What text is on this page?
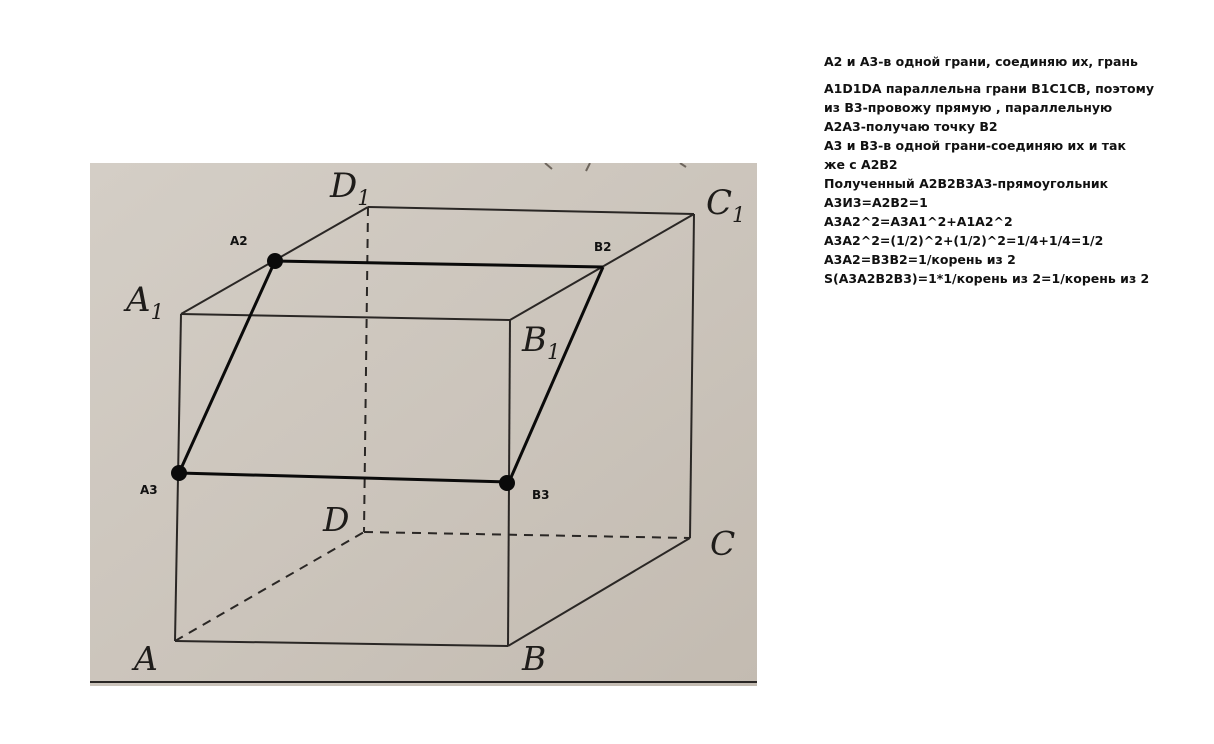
$A_1$
$D_1$	$C_1$
$B_1$
D
C
A	B
A2	B2
A3	B3
A2 и A3-в одной грани, соединяю их, грань
A1D1DA параллельна грани B1C1CB, поэтому
из B3-провожу прямую , параллельную
A2A3-получаю точку B2
A3 и B3-в одной грани-соединяю их и так
же с A2B2
Полученный A2B2B3A3-прямоугольник
A3И3=A2B2=1
A3A2^2=A3A1^2+A1A2^2
A3A2^2=(1/2)^2+(1/2)^2=1/4+1/4=1/2
A3A2=B3B2=1/корень из 2
S(A3A2B2B3)=1*1/корень из 2=1/корень из 2
